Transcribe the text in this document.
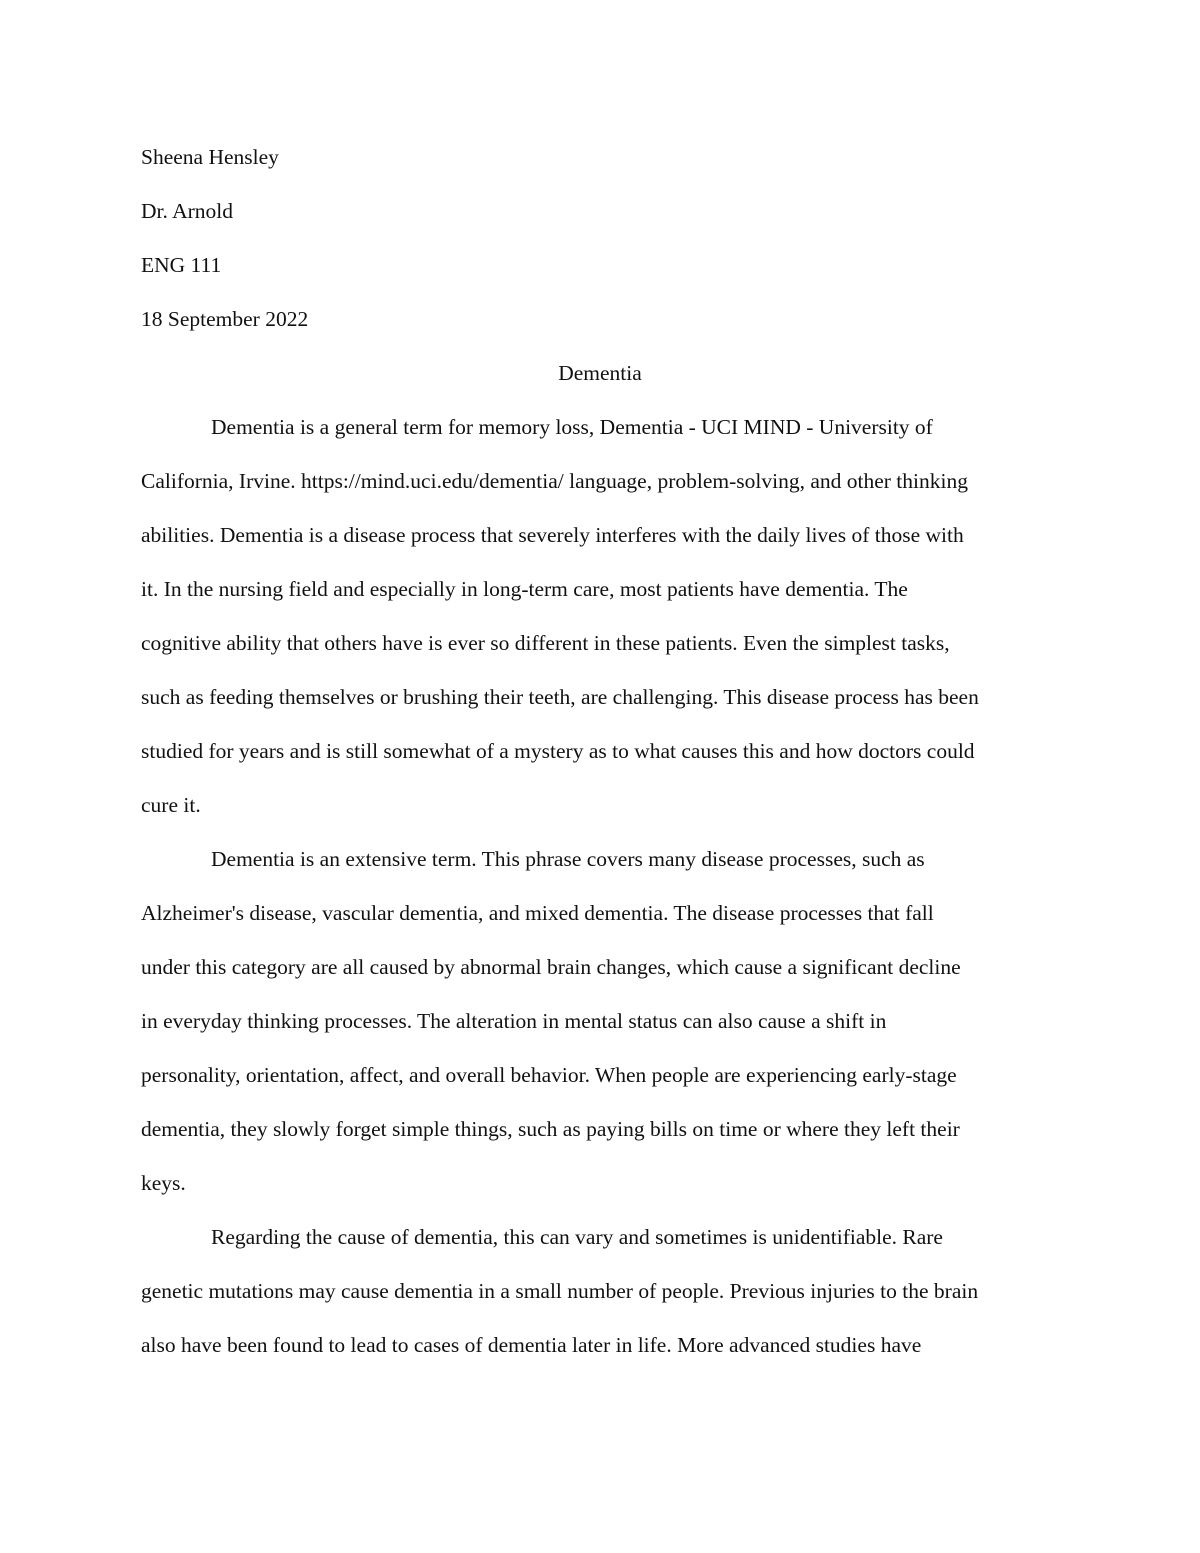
Sheena Hensley

Dr. Arnold

ENG 111

18 September 2022

Dementia

Dementia is a general term for memory loss, Dementia - UCI MIND - University of

California, Irvine. https://mind.uci.edu/dementia/ language, problem-solving, and other thinking

abilities. Dementia is a disease process that severely interferes with the daily lives of those with

it. In the nursing field and especially in long-term care, most patients have dementia. The

cognitive ability that others have is ever so different in these patients. Even the simplest tasks,

such as feeding themselves or brushing their teeth, are challenging. This disease process has been

studied for years and is still somewhat of a mystery as to what causes this and how doctors could

cure it.

Dementia is an extensive term. This phrase covers many disease processes, such as

Alzheimer's disease, vascular dementia, and mixed dementia. The disease processes that fall

under this category are all caused by abnormal brain changes, which cause a significant decline

in everyday thinking processes. The alteration in mental status can also cause a shift in

personality, orientation, affect, and overall behavior. When people are experiencing early-stage

dementia, they slowly forget simple things, such as paying bills on time or where they left their

keys.

Regarding the cause of dementia, this can vary and sometimes is unidentifiable. Rare

genetic mutations may cause dementia in a small number of people. Previous injuries to the brain

also have been found to lead to cases of dementia later in life. More advanced studies have
